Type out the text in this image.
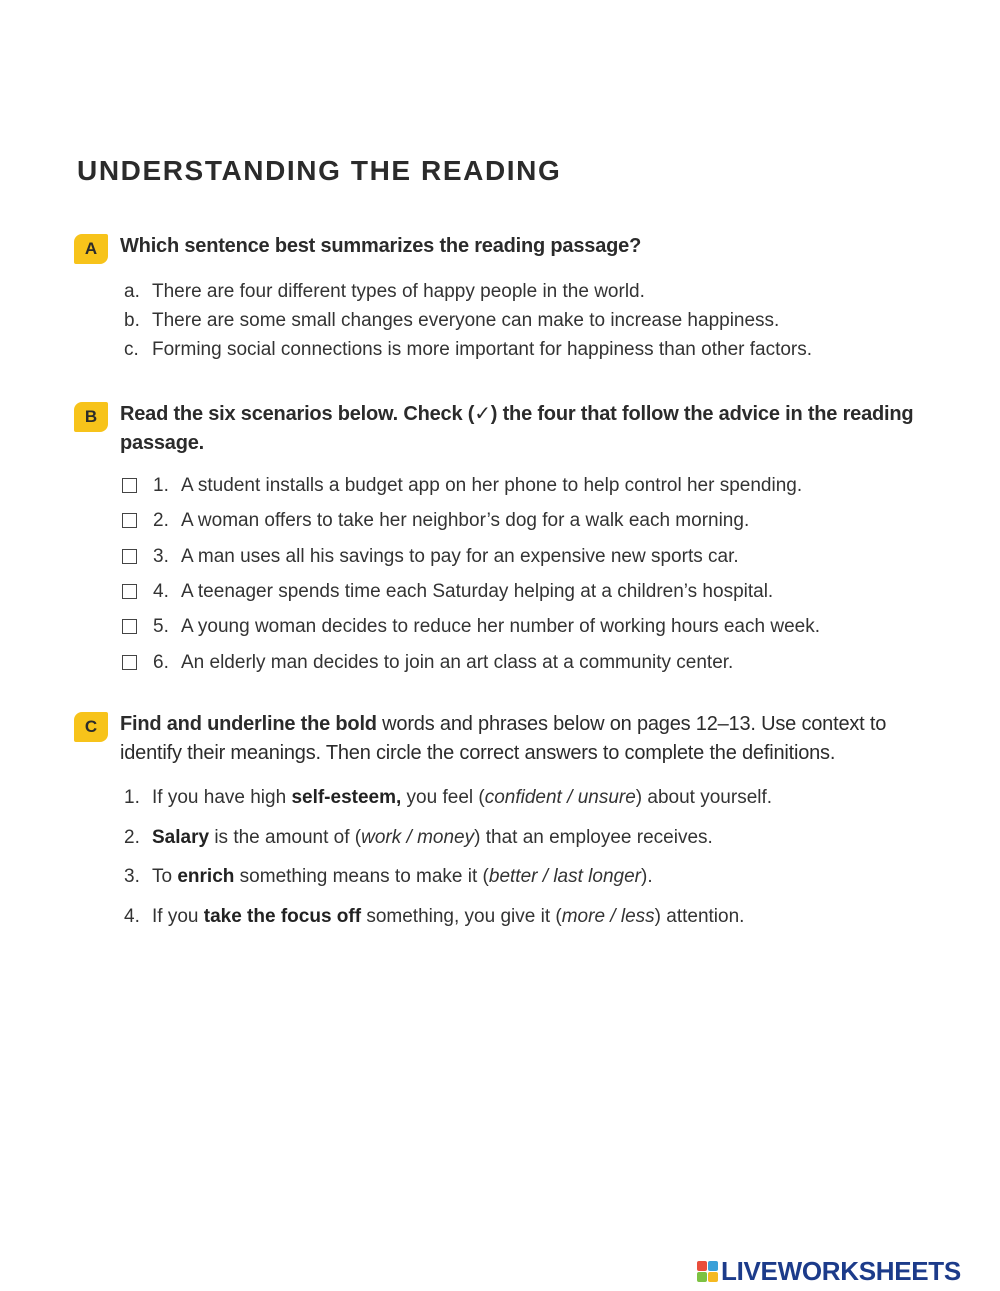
UNDERSTANDING THE READING
A	Which sentence best summarizes the reading passage?

a. There are four different types of happy people in the world.
b. There are some small changes everyone can make to increase happiness.
c. Forming social connections is more important for happiness than other factors.
B	Read the six scenarios below. Check (✓) the four that follow the advice in the reading passage.

1. A student installs a budget app on her phone to help control her spending.
2. A woman offers to take her neighbor’s dog for a walk each morning.
3. A man uses all his savings to pay for an expensive new sports car.
4. A teenager spends time each Saturday helping at a children’s hospital.
5. A young woman decides to reduce her number of working hours each week.
6. An elderly man decides to join an art class at a community center.
C	Find and underline the bold words and phrases below on pages 12–13. Use context to identify their meanings. Then circle the correct answers to complete the definitions.

1. If you have high self-esteem, you feel (confident / unsure) about yourself.
2. Salary is the amount of (work / money) that an employee receives.
3. To enrich something means to make it (better / last longer).
4. If you take the focus off something, you give it (more / less) attention.
LIVEWORKSHEETS
